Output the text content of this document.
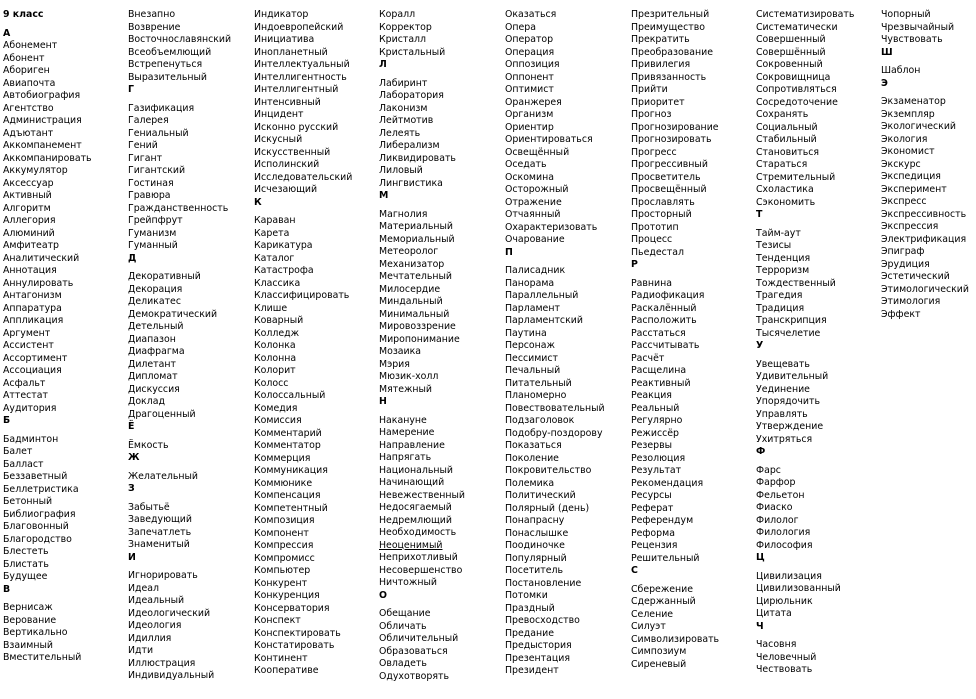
9 класс
А
Абонемент
Абонент
Абориген
Авиапочта
Автобиография
Агентство
Администрация
Адъютант
Аккомпанемент
Аккомпанировать
Аккумулятор
Аксессуар
Активный
Алгоритм
Аллегория
Алюминий
Амфитеатр
Аналитический
Аннотация
Аннулировать
Антагонизм
Аппаратура
Аппликация
Аргумент
Ассистент
Ассортимент
Ассоциация
Асфальт
Аттестат
Аудитория
Б
Бадминтон
Балет
Баллаcт
Беззаветный
Беллетристика
Бетонный
Библиография
Благовонный
Благородство
Блестеть
Блистать
Будущее
В
Вернисаж
Верование
Вертикально
Взаимный
Вместительный
Внезапно
Возврение
Восточнославянский
Всеобъемлющий
Встрепенуться
Выразительный
Г
Газификация
Галерея
Гениальный
Гений
Гигант
Гигантский
Гостиная
Гравюра
Гражданственность
Грейпфрут
Гуманизм
Гуманный
Д
Декоративный
Декорация
Деликатес
Демократический
Детельный
Диапазон
Диафрагма
Дилетант
Дипломат
Дискуссия
Доклад
Драгоценный
Ё
Ёмкость
Ж
Желательный
З
Забытьё
Заведующий
Запечатлеть
Знаменитый
И
Игнорировать
Идеал
Идеальный
Идеологический
Идеология
Идиллия
Идти
Иллюстрация
Индивидуальный
Индикатор
Индоевропейский
Инициатива
Инопланетный
Интеллектуальный
Интеллигентность
Интеллигентный
Интенсивный
Инцидент
Исконно русский
Искусный
Искусственный
Исполинский
Исследовательский
Исчезающий
К
Караван
Карета
Карикатура
Каталог
Катастрофа
Классика
Классифицировать
Клише
Коварный
Колледж
Колонка
Колонна
Колорит
Колосс
Колоссальный
Комедия
Комиссия
Комментарий
Комментатор
Коммерция
Коммуникация
Коммюнике
Компенсация
Компетентный
Композиция
Компонент
Компрессия
Компромисс
Компьютер
Конкурент
Конкуренция
Консерватория
Конспект
Конспектировать
Констатировать
Континент
Кооперативе
Коралл
Корректор
Кристалл
Кристальный
Л
Лабиринт
Лаборатория
Лаконизм
Лейтмотив
Лелеять
Либерализм
Ликвидировать
Лиловый
Лингвистика
М
Магнолия
Материальный
Мемориальный
Метеоролог
Механизатор
Мечтательный
Милосердие
Миндальный
Минимальный
Мировоззрение
Миропонимание
Мозаика
Мэрия
Мюзик-холл
Мятежный
Н
Накануне
Намерение
Направление
Напрягать
Национальный
Начинающий
Невежественный
Недосягаемый
Недремлющий
Необходимость
Неоценимый
Неприхотливый
Несовершенство
Ничтожный
О
Обещание
Обличать
Обличительный
Образоваться
Овладеть
Одухотворять
Оказаться
Опера
Оператор
Операция
Оппозиция
Оппонент
Оптимист
Оранжерея
Организм
Ориентир
Ориентироваться
Освещённый
Оседать
Оскомина
Осторожный
Отражение
Отчаянный
Охарактеризовать
Очарование
П
Палисадник
Панорама
Параллельный
Парламент
Парламентский
Паутина
Персонаж
Пессимист
Печальный
Питательный
Планомерно
Повествовательный
Подзаголовок
Подобру-поздорову
Показаться
Поколение
Покровительство
Полемика
Политический
Полярный (день)
Понапрасну
Понаслышке
Поодиночке
Популярный
Посетитель
Постановление
Потомки
Праздный
Превосходство
Предание
Предыстория
Презентация
Президент
Презрительный
Преимущество
Прекратить
Преобразование
Привилегия
Привязанность
Прийти
Приоритет
Прогноз
Прогнозирование
Прогнозировать
Прогресс
Прогрессивный
Просветитель
Просвещённый
Прославлять
Просторный
Прототип
Процесс
Пьедестал
Р
Равнина
Радиофикация
Раскалённый
Расположить
Расстаться
Рассчитывать
Расчёт
Расщелина
Реактивный
Реакция
Реальный
Регулярно
Режиссёр
Резервы
Резолюция
Результат
Рекомендация
Ресурсы
Реферат
Референдум
Реформа
Рецензия
Решительный
С
Сбережение
Сдержанный
Селение
Силуэт
Символизировать
Симпозиум
Сиреневый
Систематизировать
Систематически
Совершенный
Совершённый
Сокровенный
Сокровищница
Сопротивляться
Сосредоточение
Сохранять
Социальный
Стабильный
Становиться
Стараться
Стремительный
Схоластика
Сэкономить
Т
Тайм-аут
Тезисы
Тенденция
Терроризм
Тождественный
Трагедия
Традиция
Транскрипция
Тысячелетие
У
Увещевать
Удивительный
Уединение
Упорядочить
Управлять
Утверждение
Ухитряться
Ф
Фарс
Фарфор
Фельетон
Фиаско
Филолог
Филология
Философия
Ц
Цивилизация
Цивилизованный
Цирюльник
Цитата
Ч
Часовня
Человечный
Чествовать
Чопорный
Чрезвычайный
Чувствовать
Ш
Шаблон
Э
Экзаменатор
Экземпляр
Экологический
Экология
Экономист
Экскурс
Экспедиция
Эксперимент
Экспресс
Экспрессивность
Экспрессия
Электрификация
Эпиграф
Эрудиция
Эстетический
Этимологический
Этимология
Эффект
